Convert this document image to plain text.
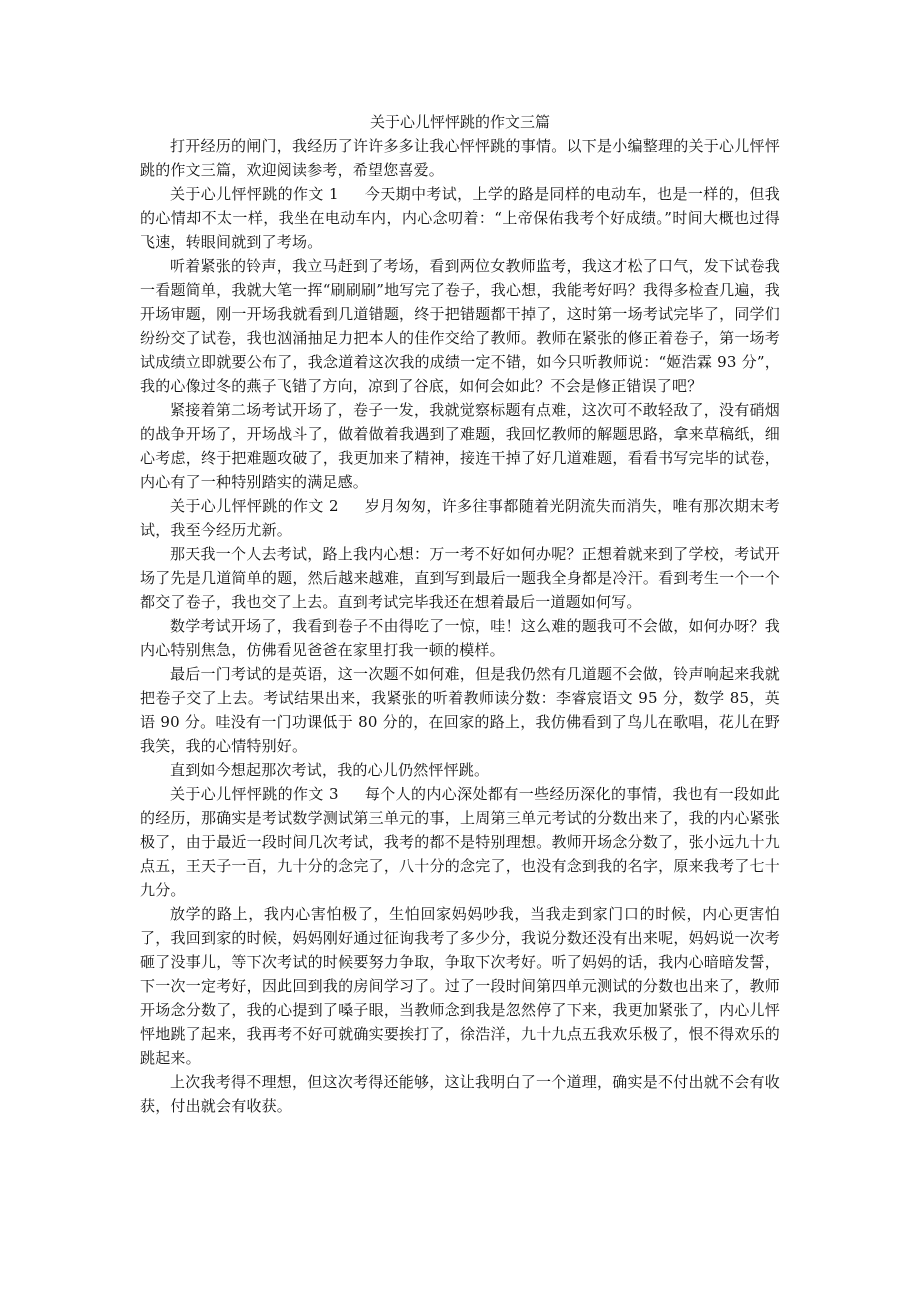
关于心儿怦怦跳的作文三篇

打开经历的闸门，我经历了许许多多让我心怦怦跳的事情。以下是小编整理的关于心儿怦怦跳的作文三篇，欢迎阅读参考，希望您喜爱。

关于心儿怦怦跳的作文 1 今天期中考试，上学的路是同样的电动车，也是一样的，但我的心情却不太一样，我坐在电动车内，内心念叨着：“上帝保佑我考个好成绩。”时间大概也过得飞速，转眼间就到了考场。

听着紧张的铃声，我立马赶到了考场，看到两位女教师监考，我这才松了口气，发下试卷我一看题简单，我就大笔一挥“刷刷刷”地写完了卷子，我心想，我能考好吗？我得多检查几遍，我开场审题，刚一开场我就看到几道错题，终于把错题都干掉了，这时第一场考试完毕了，同学们纷纷交了试卷，我也汹涌抽足力把本人的佳作交给了教师。教师在紧张的修正着卷子，第一场考试成绩立即就要公布了，我念道着这次我的成绩一定不错，如今只听教师说：“姬浩霖 93 分”，我的心像过冬的燕子飞错了方向，凉到了谷底，如何会如此？不会是修正错误了吧？

紧接着第二场考试开场了，卷子一发，我就觉察标题有点难，这次可不敢轻敌了，没有硝烟的战争开场了，开场战斗了，做着做着我遇到了难题，我回忆教师的解题思路，拿来草稿纸，细心考虑，终于把难题攻破了，我更加来了精神，接连干掉了好几道难题，看看书写完毕的试卷，内心有了一种特别踏实的满足感。

关于心儿怦怦跳的作文 2 岁月匆匆，许多往事都随着光阴流失而消失，唯有那次期末考试，我至今经历尤新。

那天我一个人去考试，路上我内心想：万一考不好如何办呢？正想着就来到了学校，考试开场了先是几道简单的题，然后越来越难，直到写到最后一题我全身都是冷汗。看到考生一个一个都交了卷子，我也交了上去。直到考试完毕我还在想着最后一道题如何写。

数学考试开场了，我看到卷子不由得吃了一惊，哇！这么难的题我可不会做，如何办呀？我内心特别焦急，仿佛看见爸爸在家里打我一顿的模样。

最后一门考试的是英语，这一次题不如何难，但是我仍然有几道题不会做，铃声响起来我就把卷子交了上去。考试结果出来，我紧张的听着教师读分数：李睿宸语文 95 分，数学 85，英语 90 分。哇没有一门功课低于 80 分的，在回家的路上，我仿佛看到了鸟儿在歌唱，花儿在野我笑，我的心情特别好。

直到如今想起那次考试，我的心儿仍然怦怦跳。

关于心儿怦怦跳的作文 3 每个人的内心深处都有一些经历深化的事情，我也有一段如此的经历，那确实是考试数学测试第三单元的事，上周第三单元考试的分数出来了，我的内心紧张极了，由于最近一段时间几次考试，我考的都不是特别理想。教师开场念分数了，张小远九十九点五，王天子一百，九十分的念完了，八十分的念完了，也没有念到我的名字，原来我考了七十九分。

放学的路上，我内心害怕极了，生怕回家妈妈吵我，当我走到家门口的时候，内心更害怕了，我回到家的时候，妈妈刚好通过征询我考了多少分，我说分数还没有出来呢，妈妈说一次考砸了没事儿，等下次考试的时候要努力争取，争取下次考好。听了妈妈的话，我内心暗暗发誓，下一次一定考好，因此回到我的房间学习了。过了一段时间第四单元测试的分数也出来了，教师开场念分数了，我的心提到了嗓子眼，当教师念到我是忽然停了下来，我更加紧张了，内心儿怦怦地跳了起来，我再考不好可就确实要挨打了，徐浩洋，九十九点五我欢乐极了，恨不得欢乐的跳起来。

上次我考得不理想，但这次考得还能够，这让我明白了一个道理，确实是不付出就不会有收获，付出就会有收获。
